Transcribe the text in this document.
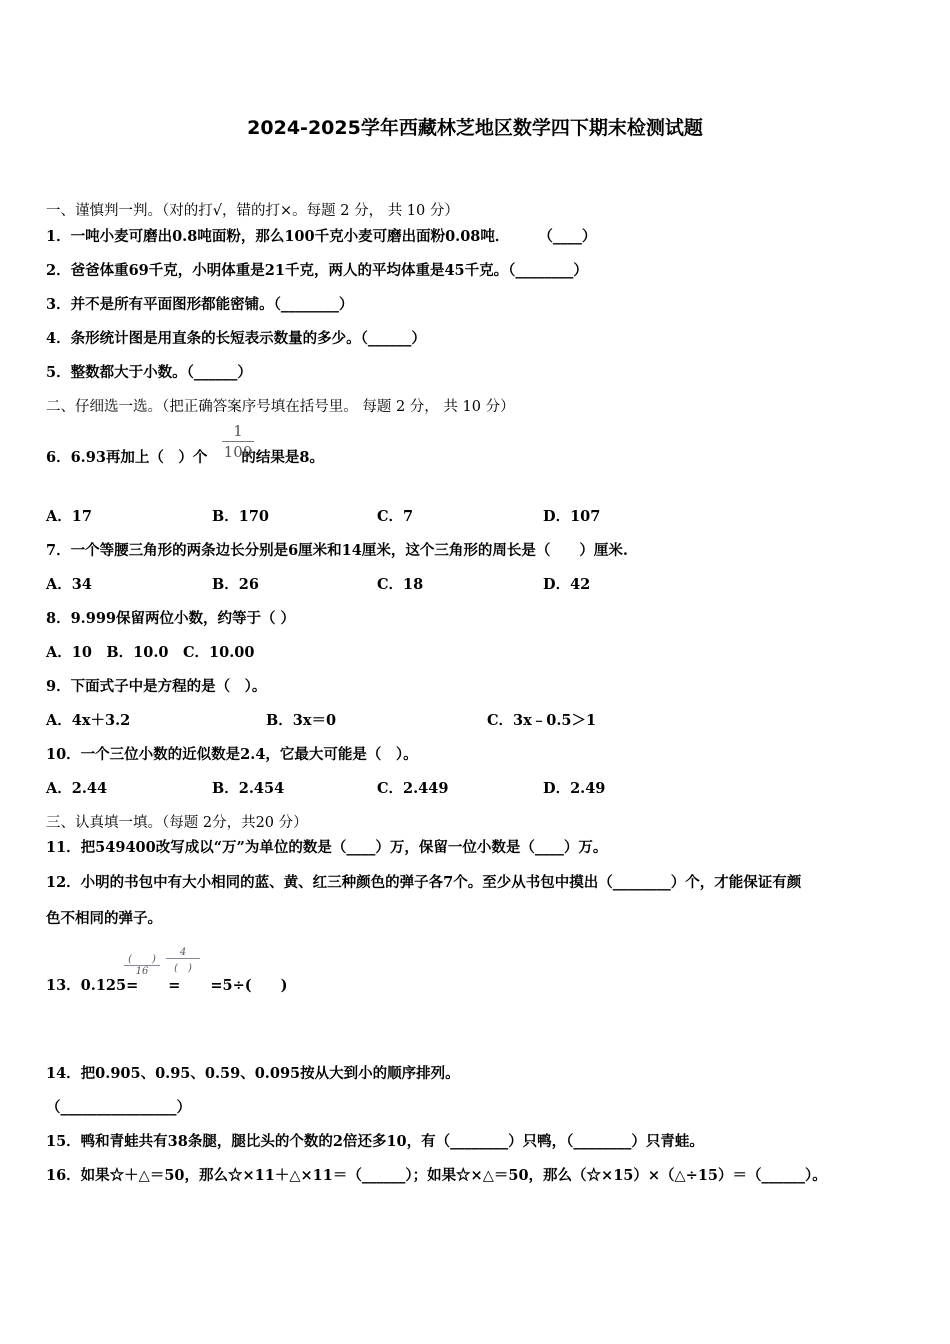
2024-2025学年西藏林芝地区数学四下期末检测试题
一、谨慎判一判。（对的打√，错的打×。每题 2 分， 共 10 分）
1．一吨小麦可磨出0.8吨面粉，那么100千克小麦可磨出面粉0.08吨．　　　（____）
2．爸爸体重69千克，小明体重是21千克，两人的平均体重是45千克。（________）
3．并不是所有平面图形都能密铺。（________）
4．条形统计图是用直条的长短表示数量的多少。（______）
5．整数都大于小数。（______）
二、仔细选一选。（把正确答案序号填在括号里。 每题 2 分， 共 10 分）
6．6.93再加上（　）个 的结果是8。
1
100
A．17	B．170	C．7	D．107
7．一个等腰三角形的两条边长分别是6厘米和14厘米，这个三角形的周长是（　　）厘米.
A．34	B．26	C．18	D．42
8．9.999保留两位小数，约等于（ ）
A．10　B．10.0　C．10.00
9．下面式子中是方程的是（　）。
A．4x＋3.2	B．3x＝0	C．3x﹣0.5＞1
10．一个三位小数的近似数是2.4，它最大可能是（　）。
A．2.44	B．2.454	C．2.449	D．2.49
三、认真填一填。（每题 2分，共20 分）
11．把549400改写成以“万”为单位的数是（____）万，保留一位小数是（____）万。
12．小明的书包中有大小相同的蓝、黄、红三种颜色的弹子各7个。至少从书包中摸出（________）个，才能保证有颜
色不相同的弹子。
13．0.125= = =5÷(　　)
(　　)
16
4
(　)
14．把0.905、0.95、0.59、0.095按从大到小的顺序排列。
（________________）
15．鸭和青蛙共有38条腿，腿比头的个数的2倍还多10，有（________）只鸭，（________）只青蛙。
16．如果☆＋△＝50，那么☆×11＋△×11＝（______）；如果☆×△＝50，那么（☆×15）×（△÷15）＝（______）。
